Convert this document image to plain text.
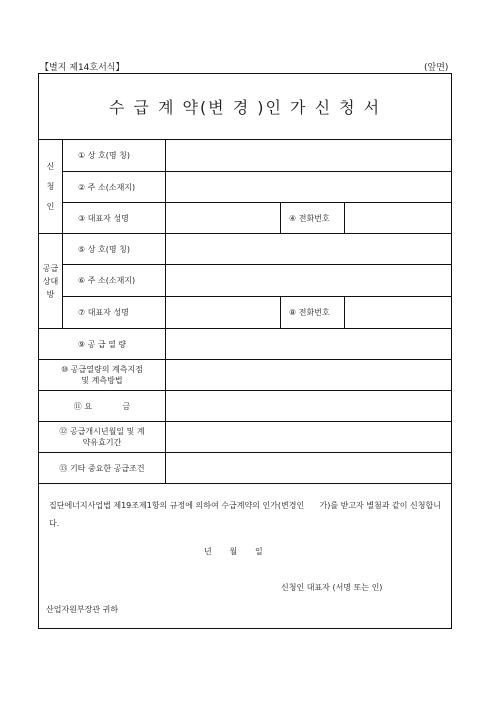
【별지 제14호서식】	(앞면)
수 급 계 약(변 경 )인 가 신 청 서
신
청
인
① 상 호(명 칭)
② 주 소(소재지)
③ 대표자 성명	④ 전화번호
공급
상대
방
⑤ 상 호(명 칭)
⑥ 주 소(소재지)
⑦ 대표자 성명	⑧ 전화번호
⑨ 공 급 열 량
⑩ 공급열량의 계측지점 및 계측방법
⑪ 요            금
⑫ 공급개시년월일 및 계약유효기간
⑬ 기타 중요한 공급조건
집단에너지사업법 제19조제1항의 규정에 의하여 수급계약의 인가(변경인      가)를 받고자 별첨과 같이 신청합니다.
년       월       일
신청인 대표자 (서명 또는 인)
산업자원부장관 귀하
